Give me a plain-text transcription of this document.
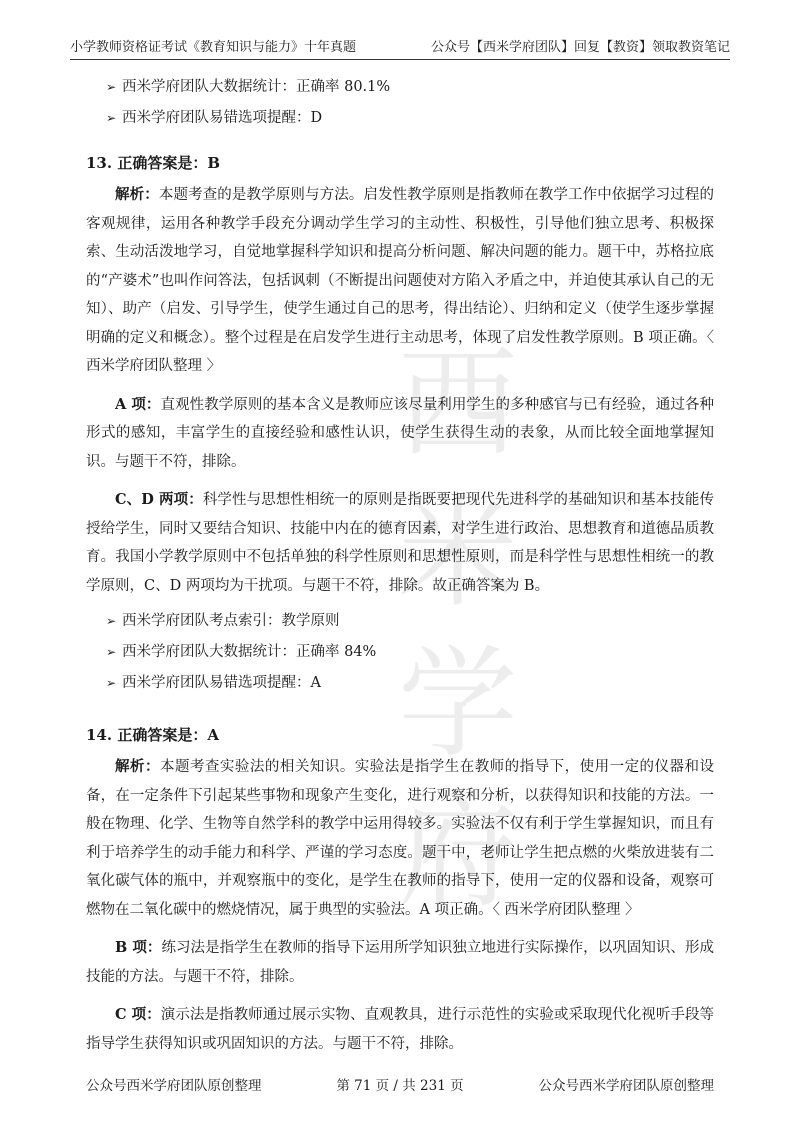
小学教师资格证考试《教育知识与能力》十年真题	公众号【西米学府团队】回复【教资】领取教资笔记
西
米
学
府
➢ 西米学府团队大数据统计：正确率 80.1%
➢ 西米学府团队易错选项提醒：D
13. 正确答案是：B

解析：本题考查的是教学原则与方法。启发性教学原则是指教师在教学工作中依据学习过程的客观规律，运用各种教学手段充分调动学生学习的主动性、积极性，引导他们独立思考、积极探索、生动活泼地学习，自觉地掌握科学知识和提高分析问题、解决问题的能力。题干中，苏格拉底的“产婆术”也叫作问答法，包括讽刺（不断提出问题使对方陷入矛盾之中，并迫使其承认自己的无知）、助产（启发、引导学生，使学生通过自己的思考，得出结论）、归纳和定义（使学生逐步掌握明确的定义和概念）。整个过程是在启发学生进行主动思考，体现了启发性教学原则。B 项正确。〈 西米学府团队整理 〉

A 项：直观性教学原则的基本含义是教师应该尽量利用学生的多种感官与已有经验，通过各种形式的感知，丰富学生的直接经验和感性认识，使学生获得生动的表象，从而比较全面地掌握知识。与题干不符，排除。

C、D 两项：科学性与思想性相统一的原则是指既要把现代先进科学的基础知识和基本技能传授给学生，同时又要结合知识、技能中内在的德育因素，对学生进行政治、思想教育和道德品质教育。我国小学教学原则中不包括单独的科学性原则和思想性原则，而是科学性与思想性相统一的教学原则，C、D 两项均为干扰项。与题干不符，排除。故正确答案为 B。

➢ 西米学府团队考点索引：教学原则
➢ 西米学府团队大数据统计：正确率 84%
➢ 西米学府团队易错选项提醒：A
14. 正确答案是：A

解析：本题考查实验法的相关知识。实验法是指学生在教师的指导下，使用一定的仪器和设备，在一定条件下引起某些事物和现象产生变化，进行观察和分析，以获得知识和技能的方法。一般在物理、化学、生物等自然学科的教学中运用得较多。实验法不仅有利于学生掌握知识，而且有利于培养学生的动手能力和科学、严谨的学习态度。题干中，老师让学生把点燃的火柴放进装有二氧化碳气体的瓶中，并观察瓶中的变化，是学生在教师的指导下，使用一定的仪器和设备，观察可燃物在二氧化碳中的燃烧情况，属于典型的实验法。A 项正确。〈 西米学府团队整理 〉

B 项：练习法是指学生在教师的指导下运用所学知识独立地进行实际操作，以巩固知识、形成技能的方法。与题干不符，排除。

C 项：演示法是指教师通过展示实物、直观教具，进行示范性的实验或采取现代化视听手段等指导学生获得知识或巩固知识的方法。与题干不符，排除。

公众号西米学府团队原创整理	第 71 页 / 共 231 页	公众号西米学府团队原创整理
